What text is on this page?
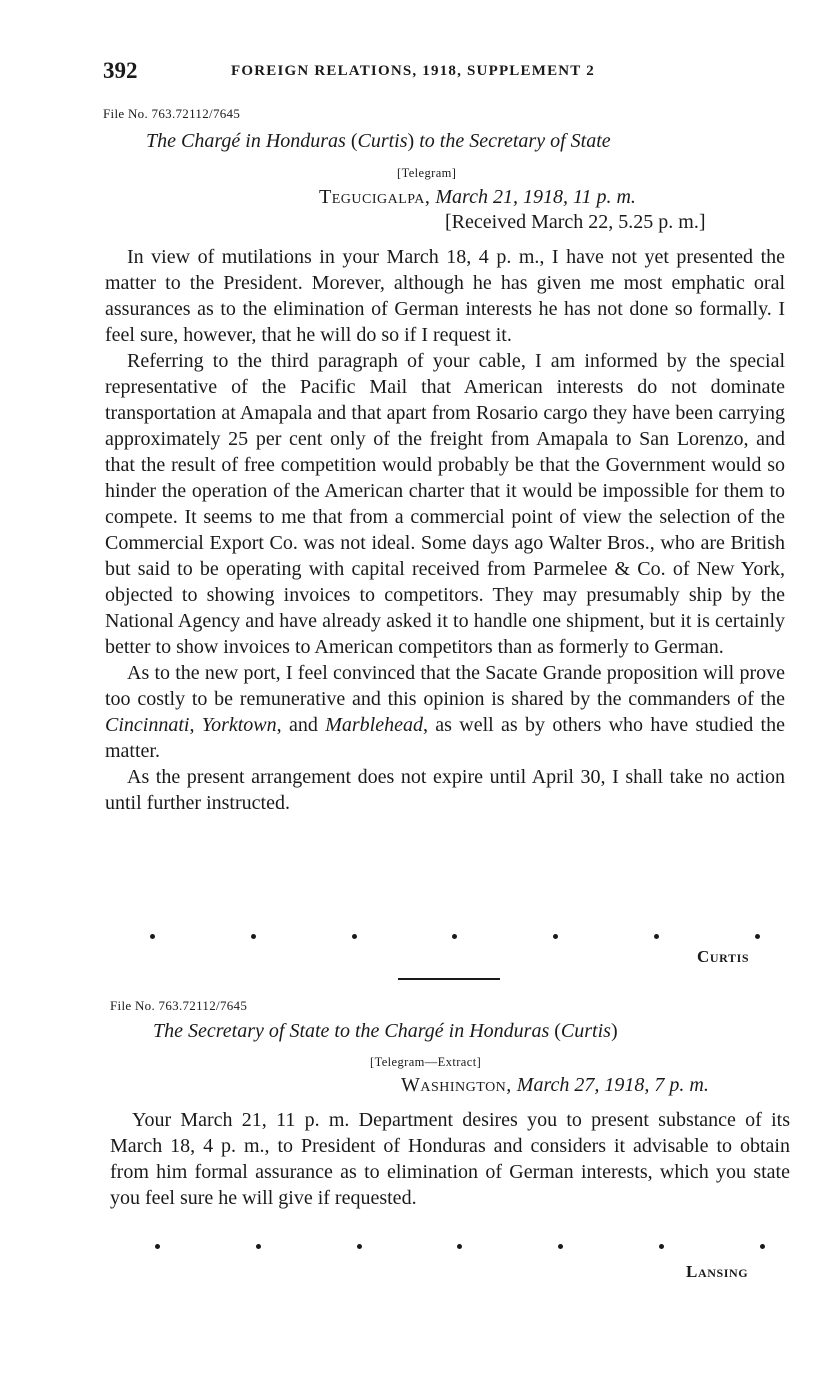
392	FOREIGN RELATIONS, 1918, SUPPLEMENT 2
File No. 763.72112/7645
The Chargé in Honduras (Curtis) to the Secretary of State
[Telegram]
Tegucigalpa, March 21, 1918, 11 p. m.
[Received March 22, 5.25 p. m.]

In view of mutilations in your March 18, 4 p. m., I have not yet presented the matter to the President. Morever, although he has given me most emphatic oral assurances as to the elimination of German interests he has not done so formally. I feel sure, however, that he will do so if I request it.

Referring to the third paragraph of your cable, I am informed by the special representative of the Pacific Mail that American interests do not dominate transportation at Amapala and that apart from Rosario cargo they have been carrying approximately 25 per cent only of the freight from Amapala to San Lorenzo, and that the result of free competition would probably be that the Government would so hinder the operation of the American charter that it would be impossible for them to compete. It seems to me that from a commercial point of view the selection of the Commercial Export Co. was not ideal. Some days ago Walter Bros., who are British but said to be operating with capital received from Parmelee & Co. of New York, objected to showing invoices to competitors. They may presumably ship by the National Agency and have already asked it to handle one shipment, but it is certainly better to show invoices to American competitors than as formerly to German.

As to the new port, I feel convinced that the Sacate Grande proposition will prove too costly to be remunerative and this opinion is shared by the commanders of the Cincinnati, Yorktown, and Marblehead, as well as by others who have studied the matter.

As the present arrangement does not expire until April 30, I shall take no action until further instructed.

Curtis
File No. 763.72112/7645
The Secretary of State to the Chargé in Honduras (Curtis)
[Telegram—Extract]
Washington, March 27, 1918, 7 p. m.

Your March 21, 11 p. m. Department desires you to present substance of its March 18, 4 p. m., to President of Honduras and considers it advisable to obtain from him formal assurance as to elimination of German interests, which you state you feel sure he will give if requested.

Lansing
